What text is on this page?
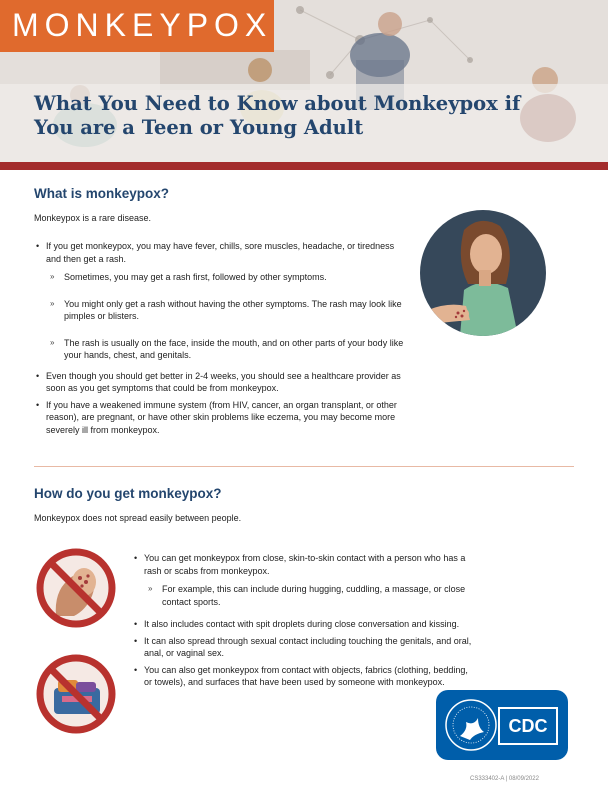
MONKEYPOX
What You Need to Know about Monkeypox if
You are a Teen or Young Adult
What is monkeypox?

Monkeypox is a rare disease.

• If you get monkeypox, you may have fever, chills, sore muscles, headache, or tiredness and then get a rash.
» Sometimes, you may get a rash first, followed by other symptoms.
» You might only get a rash without having the other symptoms. The rash may look like pimples or blisters.
» The rash is usually on the face, inside the mouth, and on other parts of your body like your hands, chest, and genitals.
• Even though you should get better in 2-4 weeks, you should see a healthcare provider as soon as you get symptoms that could be from monkeypox.
• If you have a weakened immune system (from HIV, cancer, an organ transplant, or other reason), are pregnant, or have other skin problems like eczema, you may become more severely ill from monkeypox.
How do you get monkeypox?

Monkeypox does not spread easily between people.

• You can get monkeypox from close, skin-to-skin contact with a person who has a rash or scabs from monkeypox.
» For example, this can include during hugging, cuddling, a massage, or close contact sports.
• It also includes contact with spit droplets during close conversation and kissing.
• It can also spread through sexual contact including touching the genitals, and oral, anal, or vaginal sex.
• You can also get monkeypox from contact with objects, fabrics (clothing, bedding, or towels), and surfaces that have been used by someone with monkeypox.
CDC
CS333402-A | 08/09/2022
